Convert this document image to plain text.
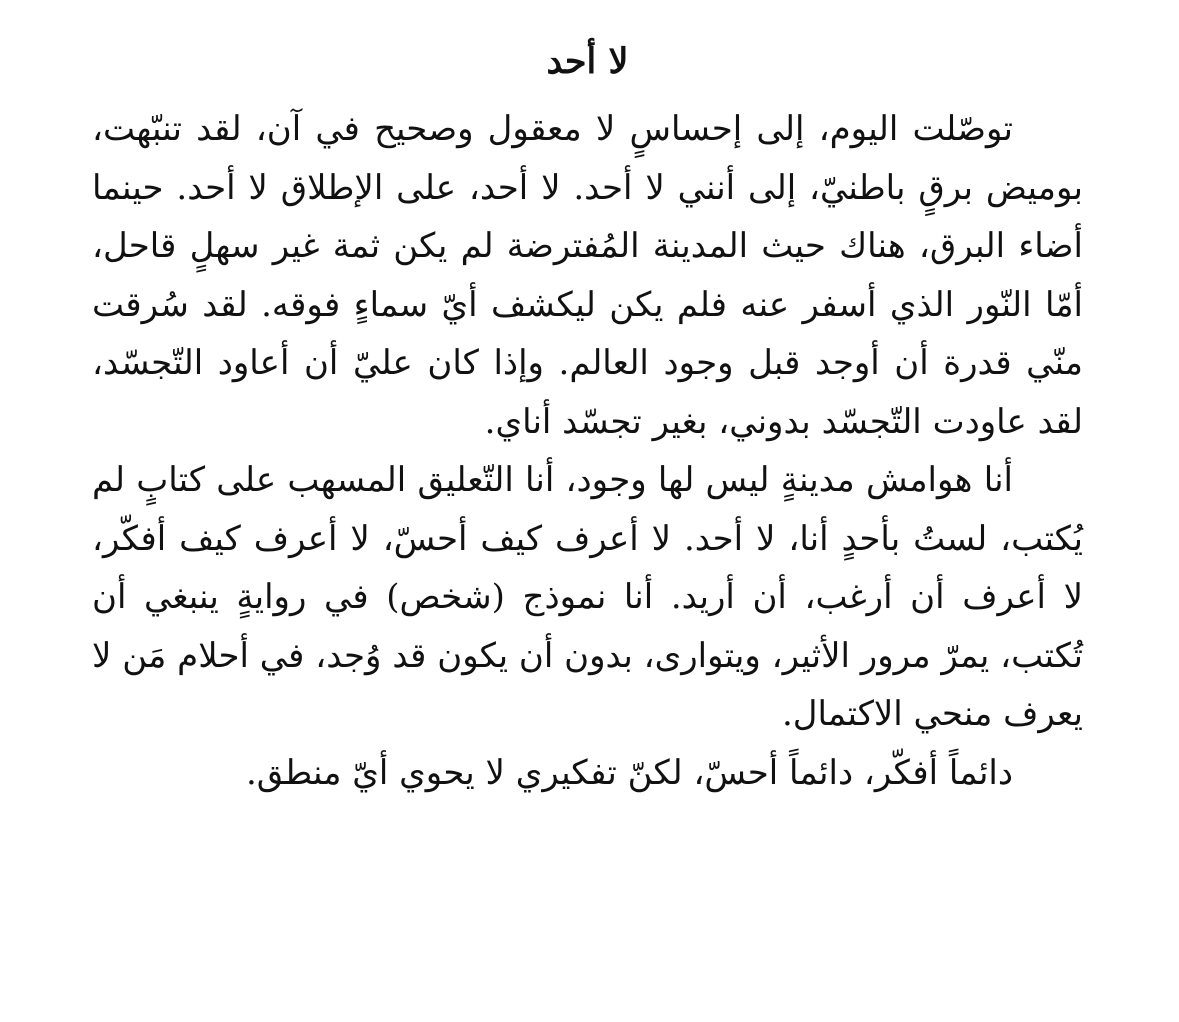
لا أحد

توصّلت اليوم، إلى إحساسٍ لا معقول وصحيح في آن، لقد تنبّهت، بوميض برقٍ باطنيّ، إلى أنني لا أحد. لا أحد، على الإطلاق لا أحد. حينما أضاء البرق، هناك حيث المدينة المُفترضة لم يكن ثمة غير سهلٍ قاحل، أمّا النّور الذي أسفر عنه فلم يكن ليكشف أيّ سماءٍ فوقه. لقد سُرقت منّي قدرة أن أوجد قبل وجود العالم. وإذا كان عليّ أن أعاود التّجسّد، لقد عاودت التّجسّد بدوني، بغير تجسّد أناي.

أنا هوامش مدينةٍ ليس لها وجود، أنا التّعليق المسهب على كتابٍ لم يُكتب، لستُ بأحدٍ أنا، لا أحد. لا أعرف كيف أحسّ، لا أعرف كيف أفكّر، لا أعرف أن أرغب، أن أريد. أنا نموذج (شخص) في روايةٍ ينبغي أن تُكتب، يمرّ مرور الأثير، ويتوارى، بدون أن يكون قد وُجد، في أحلام مَن لا يعرف منحي الاكتمال.

دائماً أفكّر، دائماً أحسّ، لكنّ تفكيري لا يحوي أيّ منطق.
